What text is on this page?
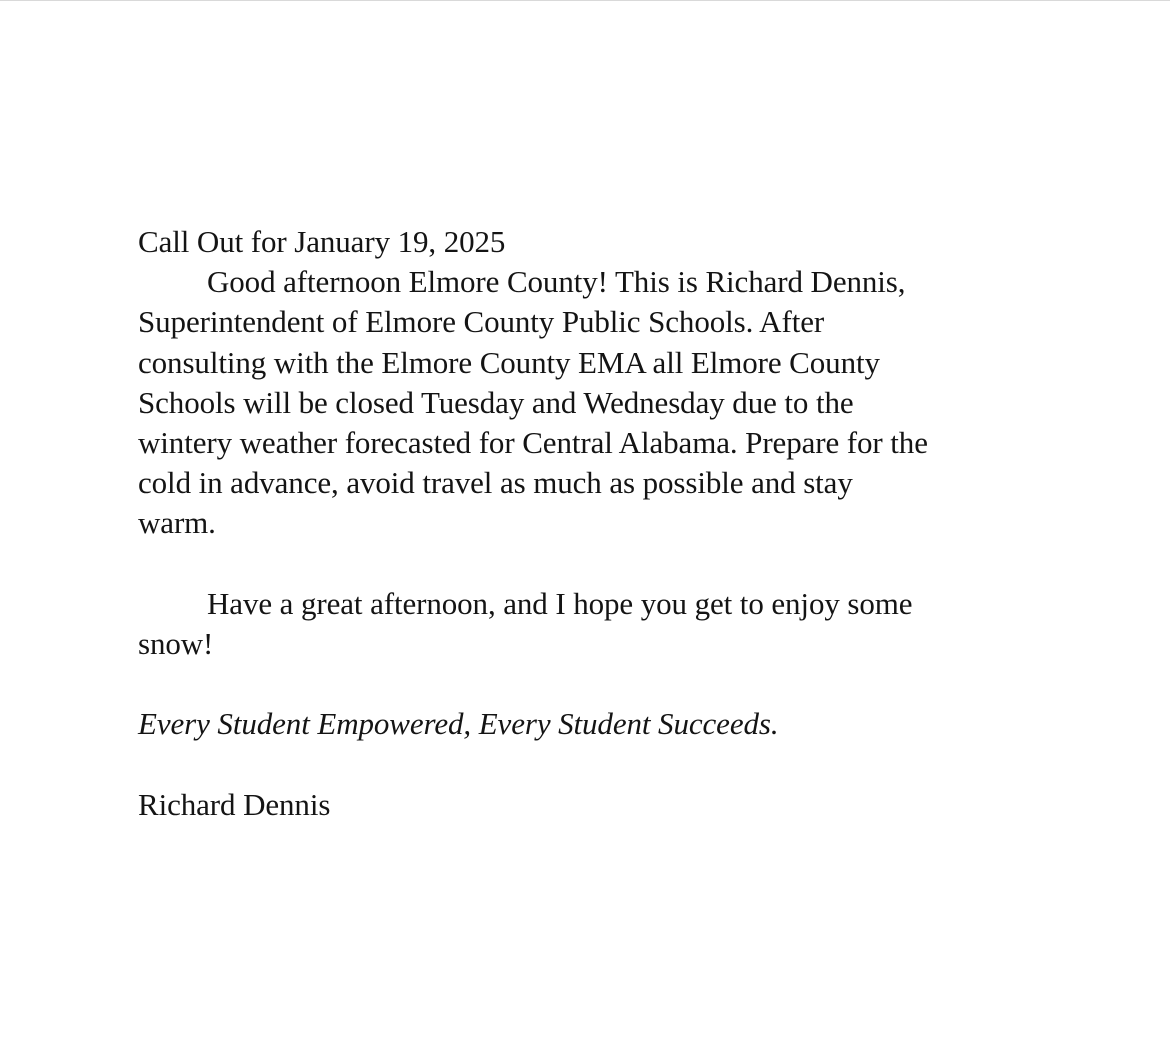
Call Out for January 19, 2025
Good afternoon Elmore County! This is Richard Dennis,
Superintendent of Elmore County Public Schools. After
consulting with the Elmore County EMA all Elmore County
Schools will be closed Tuesday and Wednesday due to the
wintery weather forecasted for Central Alabama. Prepare for the
cold in advance, avoid travel as much as possible and stay
warm.
Have a great afternoon, and I hope you get to enjoy some
snow!
Every Student Empowered, Every Student Succeeds.
Richard Dennis
